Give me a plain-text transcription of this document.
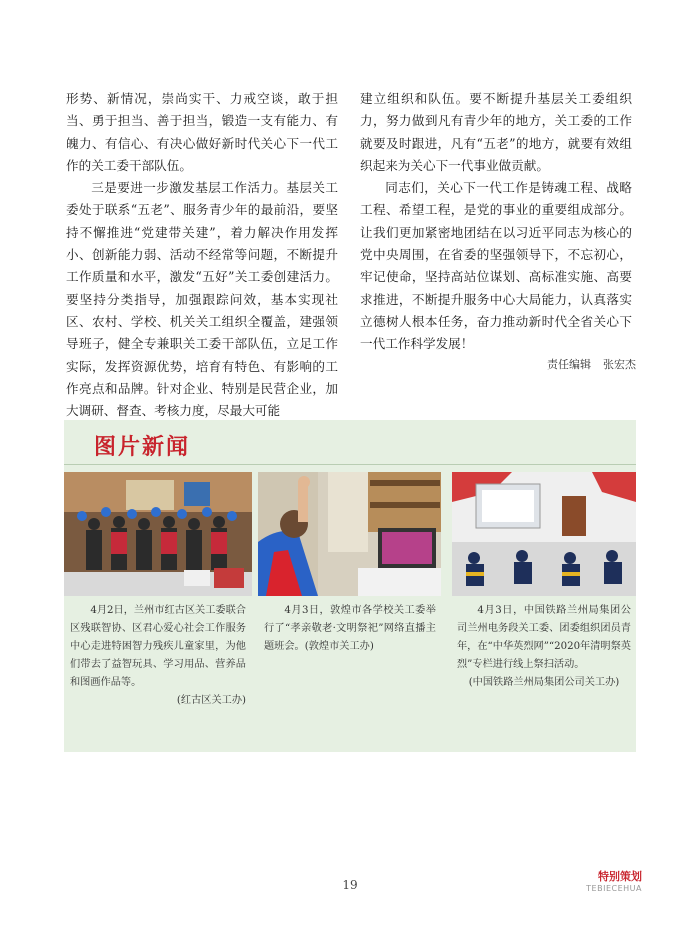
形势、新情况，崇尚实干、力戒空谈，敢于担当、勇于担当、善于担当，锻造一支有能力、有魄力、有信心、有决心做好新时代关心下一代工作的关工委干部队伍。

三是要进一步激发基层工作活力。基层关工委处于联系“五老”、服务青少年的最前沿，要坚持不懈推进“党建带关建”，着力解决作用发挥小、创新能力弱、活动不经常等问题，不断提升工作质量和水平，激发“五好”关工委创建活力。要坚持分类指导，加强跟踪问效，基本实现社区、农村、学校、机关关工组织全覆盖，建强领导班子，健全专兼职关工委干部队伍，立足工作实际，发挥资源优势，培育有特色、有影响的工作亮点和品牌。针对企业、特别是民营企业，加大调研、督查、考核力度，尽最大可能

建立组织和队伍。要不断提升基层关工委组织力，努力做到凡有青少年的地方，关工委的工作就要及时跟进，凡有“五老”的地方，就要有效组织起来为关心下一代事业做贡献。

同志们，关心下一代工作是铸魂工程、战略工程、希望工程，是党的事业的重要组成部分。让我们更加紧密地团结在以习近平同志为核心的党中央周围，在省委的坚强领导下，不忘初心，牢记使命，坚持高站位谋划、高标准实施、高要求推进，不断提升服务中心大局能力，认真落实立德树人根本任务，奋力推动新时代全省关心下一代工作科学发展！

责任编辑 张宏杰
图片新闻

4月2日，兰州市红古区关工委联合区残联智协、区君心爱心社会工作服务中心走进特困智力残疾儿童家里，为他们带去了益智玩具、学习用品、营养品和图画作品等。

(红古区关工办)

4月3日，敦煌市各学校关工委举行了“孝亲敬老·文明祭祀”网络直播主题班会。(敦煌市关工办)

4月3日，中国铁路兰州局集团公司兰州电务段关工委、团委组织团员青年，在“中华英烈网”“2020年清明祭英烈”专栏进行线上祭扫活动。

(中国铁路兰州局集团公司关工办)

19
特别策划
TEBIECEHUA
